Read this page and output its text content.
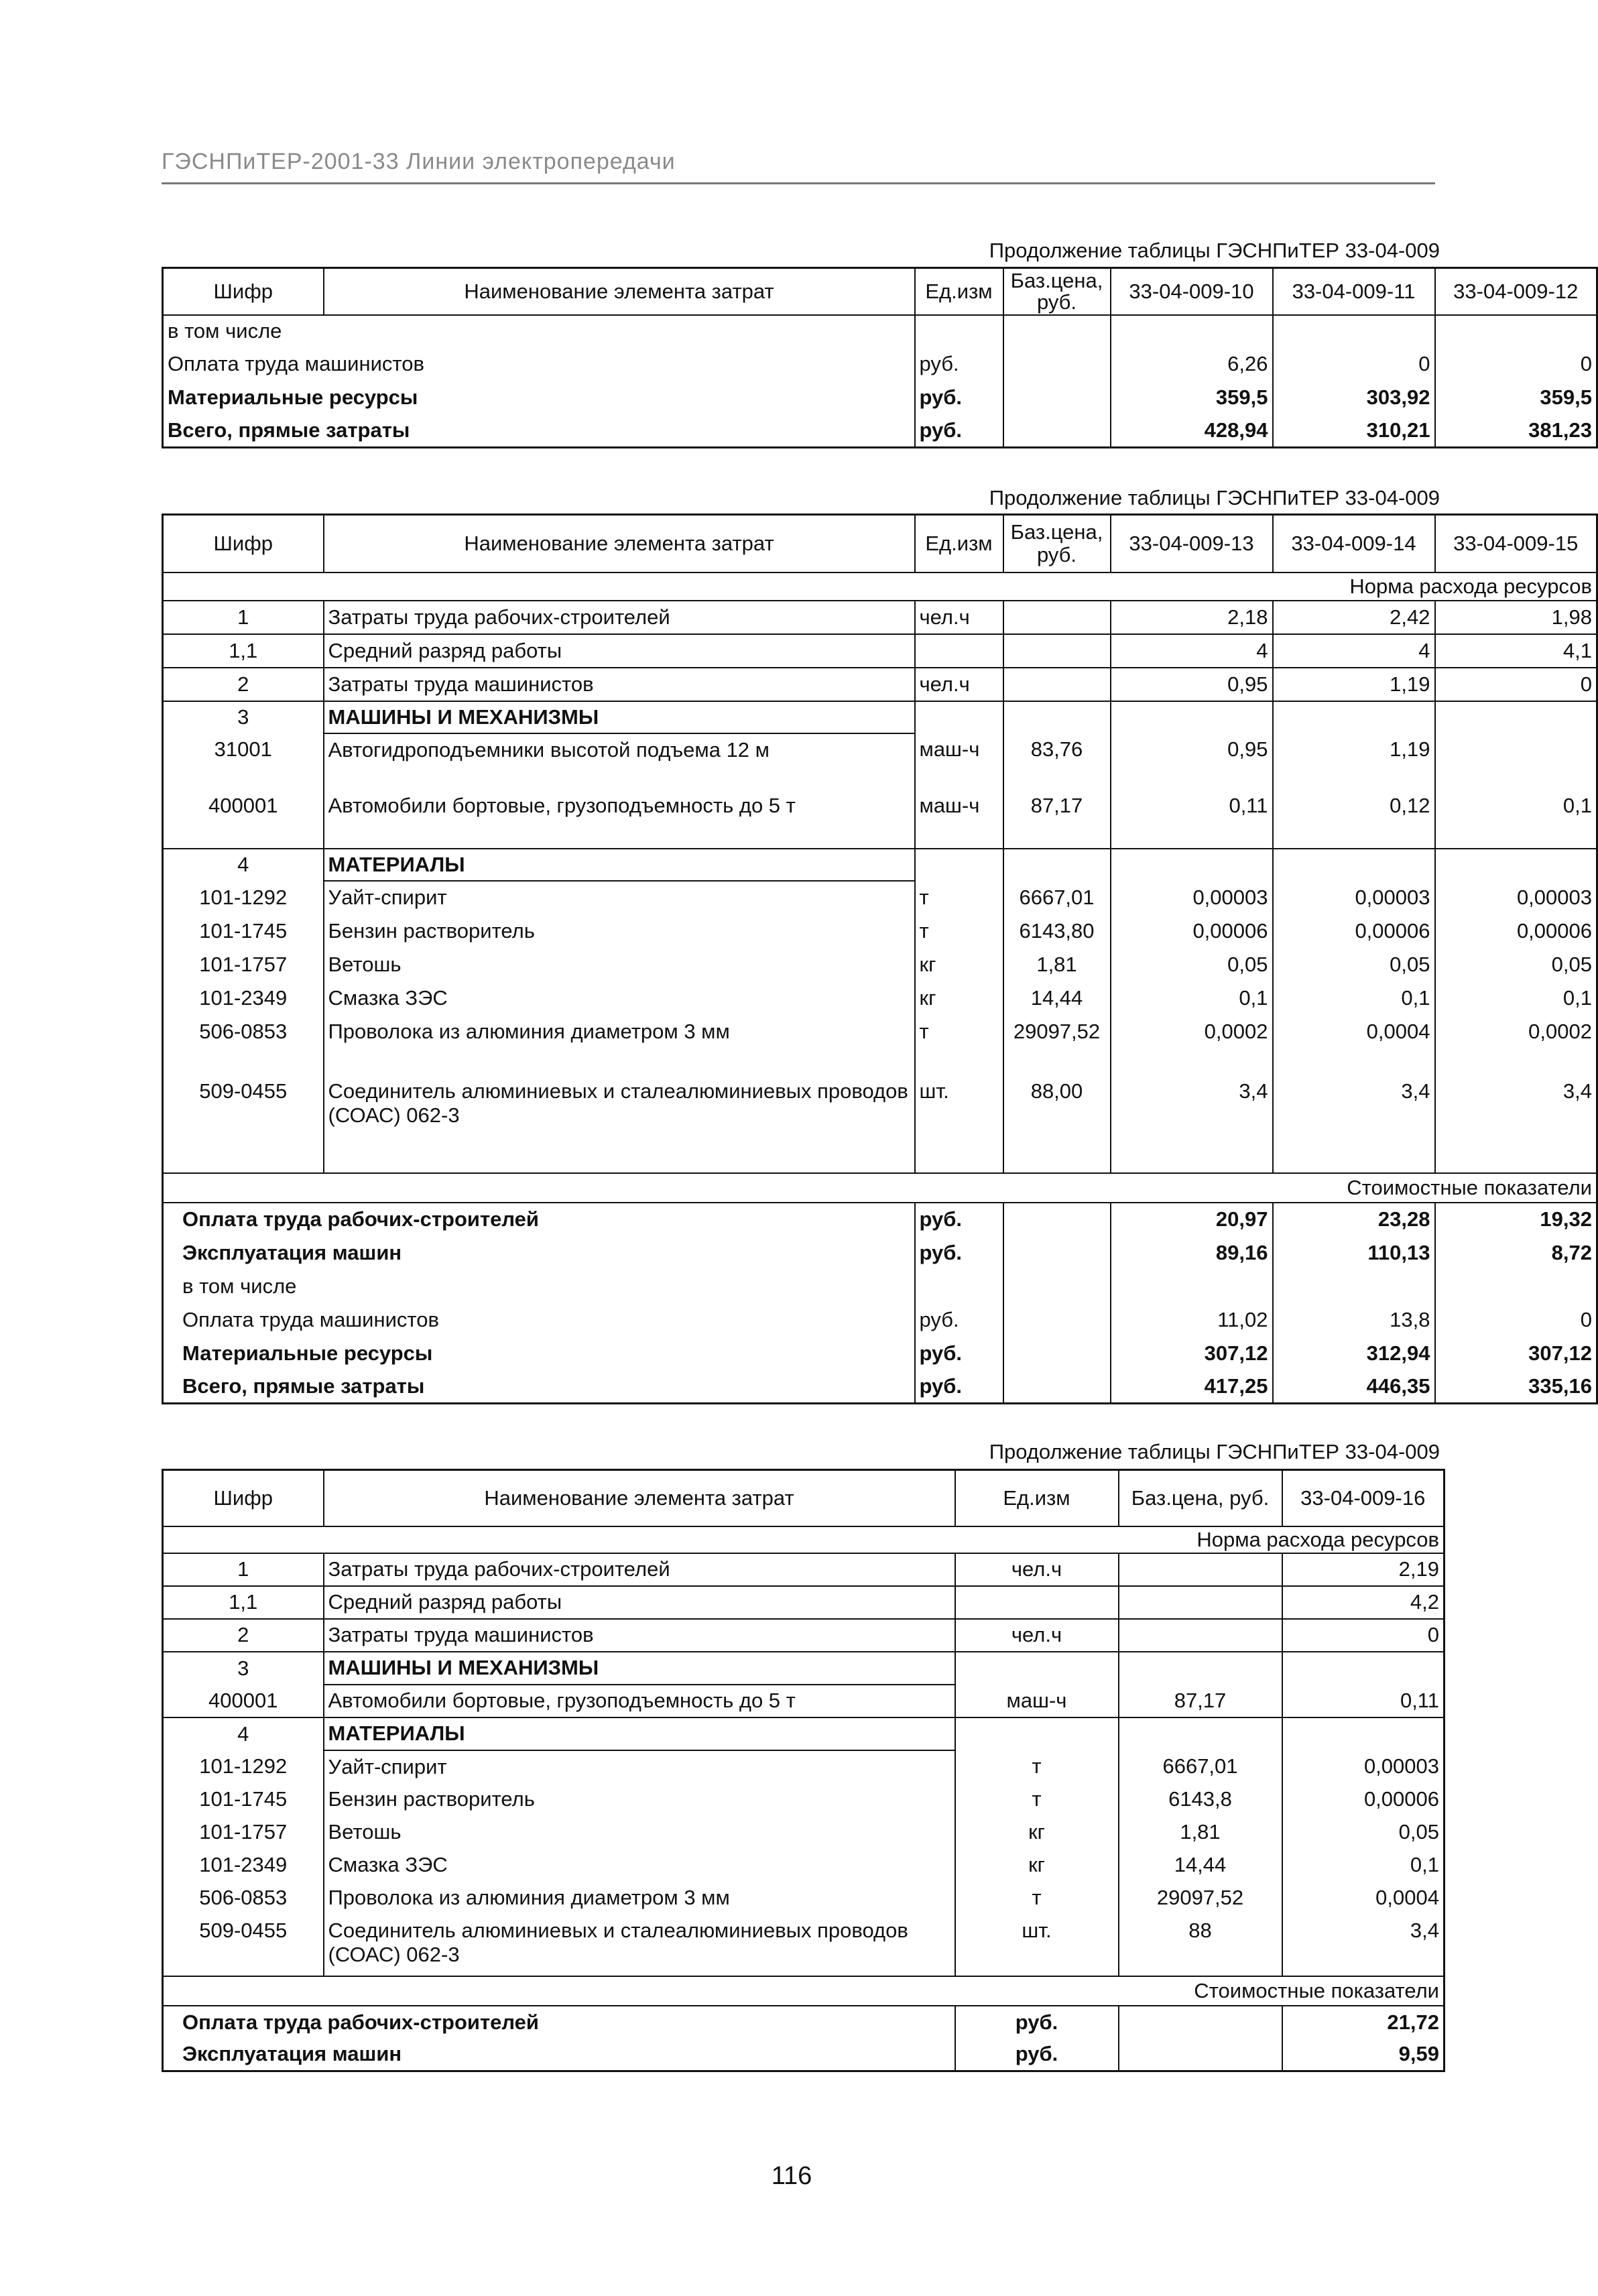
ГЭСНПиТЕР-2001-33 Линии электропередачи
Продолжение таблицы ГЭСНПиТЕР 33-04-009
Шифр	Наименование элемента затрат	Ед.изм	Баз.цена, руб.	33-04-009-10	33-04-009-11	33-04-009-12
в том числе						
Оплата труда машинистов		руб.		6,26	0	0
Материальные ресурсы		руб.		359,5	303,92	359,5
Всего, прямые затраты		руб.		428,94	310,21	381,23
Продолжение таблицы ГЭСНПиТЕР 33-04-009
Шифр	Наименование элемента затрат	Ед.изм	Баз.цена, руб.	33-04-009-13	33-04-009-14	33-04-009-15
Норма расхода ресурсов						
1	Затраты труда рабочих-строителей	чел.ч		2,18	2,42	1,98
1,1	Средний разряд работы			4	4	4,1
2	Затраты труда машинистов	чел.ч		0,95	1,19	0
3	МАШИНЫ И МЕХАНИЗМЫ					
31001	Автогидроподъемники высотой подъема 12 м	маш-ч	83,76	0,95	1,19	
400001	Автомобили бортовые, грузоподъемность до 5 т	маш-ч	87,17	0,11	0,12	0,1
4	МАТЕРИАЛЫ					
101-1292	Уайт-спирит	т	6667,01	0,00003	0,00003	0,00003
101-1745	Бензин растворитель	т	6143,80	0,00006	0,00006	0,00006
101-1757	Ветошь	кг	1,81	0,05	0,05	0,05
101-2349	Смазка ЗЭС	кг	14,44	0,1	0,1	0,1
506-0853	Проволока из алюминия диаметром 3 мм	т	29097,52	0,0002	0,0004	0,0002
509-0455	Соединитель алюминиевых и сталеалюминиевых проводов (СОАС) 062-3	шт.	88,00	3,4	3,4	3,4
Стоимостные показатели						
Оплата труда рабочих-строителей		руб.		20,97	23,28	19,32
Эксплуатация машин		руб.		89,16	110,13	8,72
в том числе						
Оплата труда машинистов		руб.		11,02	13,8	0
Материальные ресурсы		руб.		307,12	312,94	307,12
Всего, прямые затраты		руб.		417,25	446,35	335,16
Продолжение таблицы ГЭСНПиТЕР 33-04-009
Шифр	Наименование элемента затрат	Ед.изм	Баз.цена, руб.	33-04-009-16
Норма расхода ресурсов				
1	Затраты труда рабочих-строителей	чел.ч		2,19
1,1	Средний разряд работы			4,2
2	Затраты труда машинистов	чел.ч		0
3	МАШИНЫ И МЕХАНИЗМЫ			
400001	Автомобили бортовые, грузоподъемность до 5 т	маш-ч	87,17	0,11
4	МАТЕРИАЛЫ			
101-1292	Уайт-спирит	т	6667,01	0,00003
101-1745	Бензин растворитель	т	6143,8	0,00006
101-1757	Ветошь	кг	1,81	0,05
101-2349	Смазка ЗЭС	кг	14,44	0,1
506-0853	Проволока из алюминия диаметром 3 мм	т	29097,52	0,0004
509-0455	Соединитель алюминиевых и сталеалюминиевых проводов (СОАС) 062-3	шт.	88	3,4
Стоимостные показатели				
Оплата труда рабочих-строителей		руб.		21,72
Эксплуатация машин		руб.		9,59
116
